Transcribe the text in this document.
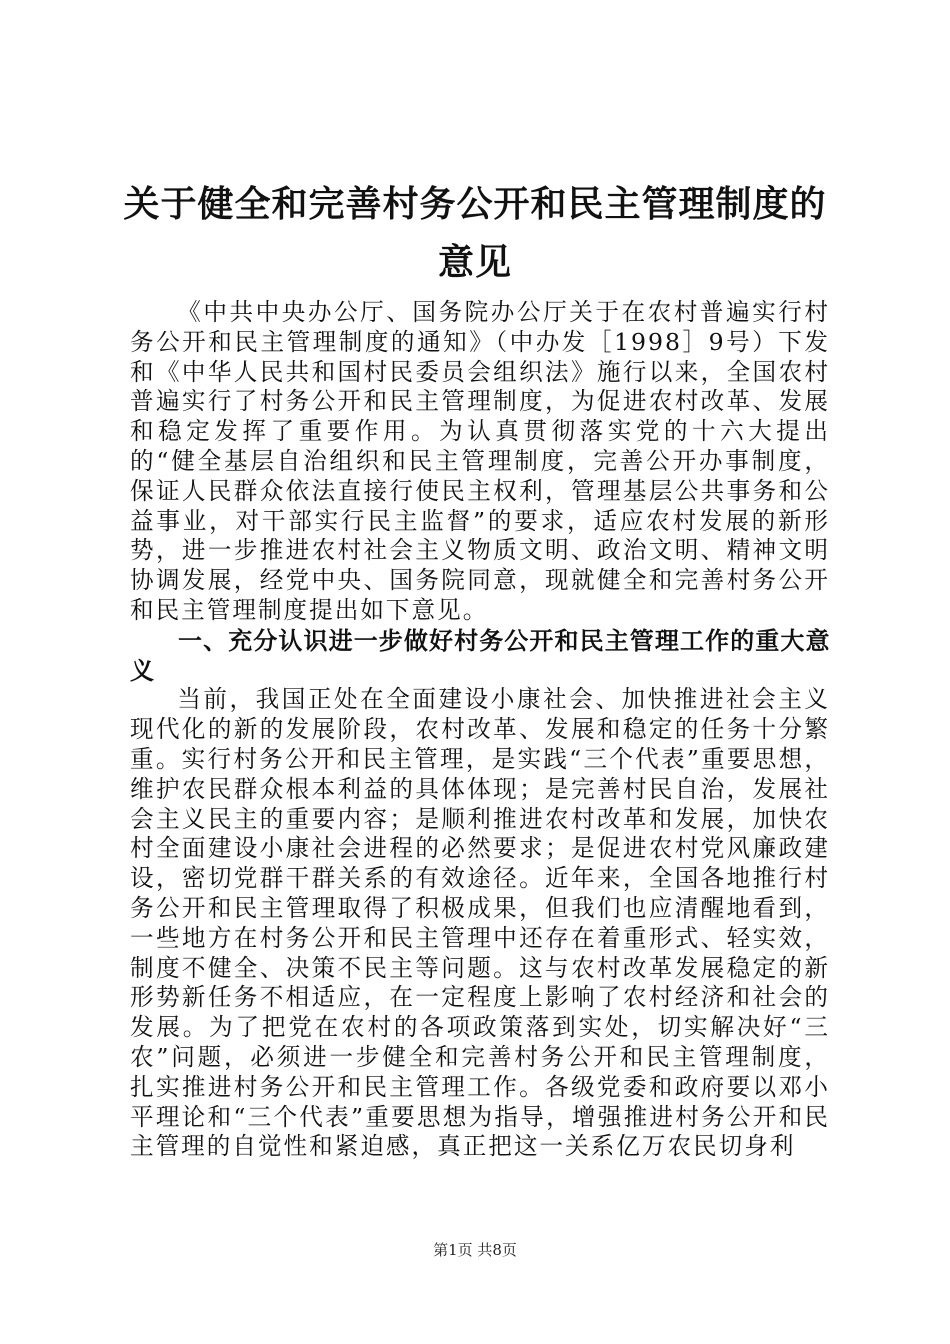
关于健全和完善村务公开和民主管理制度的意见

《中共中央办公厅、国务院办公厅关于在农村普遍实行村务公开和民主管理制度的通知》（中办发［1998］9号）下发和《中华人民共和国村民委员会组织法》施行以来，全国农村普遍实行了村务公开和民主管理制度，为促进农村改革、发展和稳定发挥了重要作用。为认真贯彻落实党的十六大提出的“健全基层自治组织和民主管理制度，完善公开办事制度，保证人民群众依法直接行使民主权利，管理基层公共事务和公益事业，对干部实行民主监督”的要求，适应农村发展的新形势，进一步推进农村社会主义物质文明、政治文明、精神文明协调发展，经党中央、国务院同意，现就健全和完善村务公开和民主管理制度提出如下意见。

一、充分认识进一步做好村务公开和民主管理工作的重大意义

当前，我国正处在全面建设小康社会、加快推进社会主义现代化的新的发展阶段，农村改革、发展和稳定的任务十分繁重。实行村务公开和民主管理，是实践“三个代表”重要思想，维护农民群众根本利益的具体体现；是完善村民自治，发展社会主义民主的重要内容；是顺利推进农村改革和发展，加快农村全面建设小康社会进程的必然要求；是促进农村党风廉政建设，密切党群干群关系的有效途径。近年来，全国各地推行村务公开和民主管理取得了积极成果，但我们也应清醒地看到，一些地方在村务公开和民主管理中还存在着重形式、轻实效，制度不健全、决策不民主等问题。这与农村改革发展稳定的新形势新任务不相适应，在一定程度上影响了农村经济和社会的发展。为了把党在农村的各项政策落到实处，切实解决好“三农”问题，必须进一步健全和完善村务公开和民主管理制度，扎实推进村务公开和民主管理工作。各级党委和政府要以邓小平理论和“三个代表”重要思想为指导，增强推进村务公开和民主管理的自觉性和紧迫感，真正把这一关系亿万农民切身利

第1页 共8页
